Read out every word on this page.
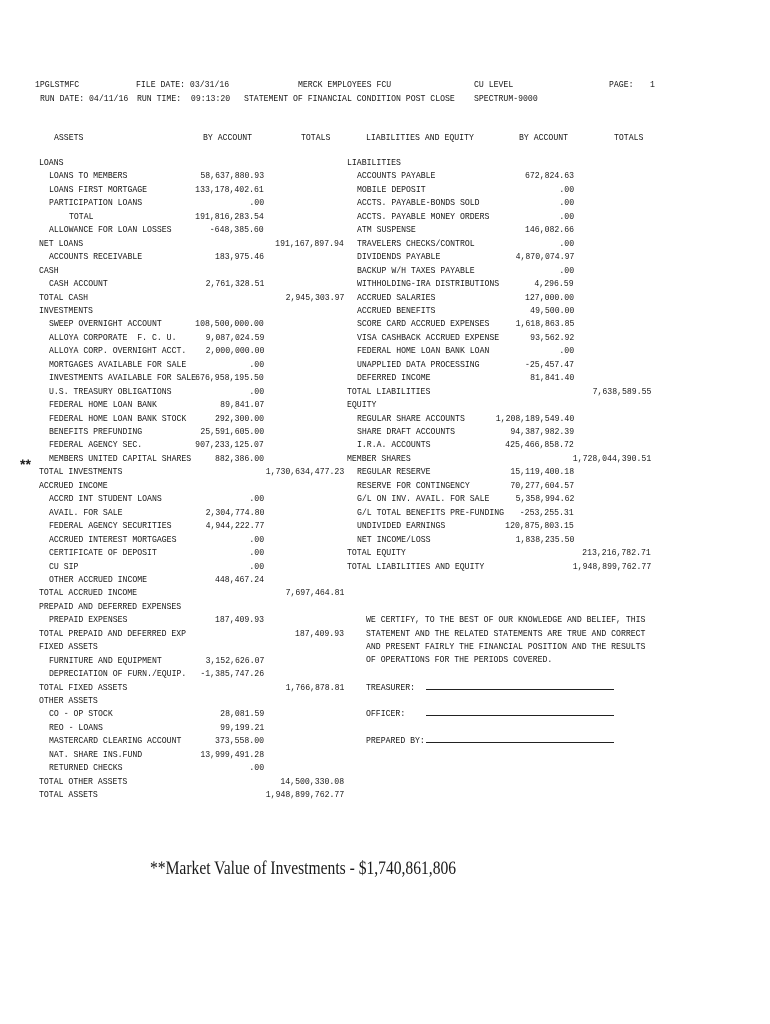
1PGLSTMFC	FILE DATE: 03/31/16	MERCK EMPLOYEES FCU	CU LEVEL	PAGE: 1
RUN DATE: 04/11/16 RUN TIME:  09:13:20 STATEMENT OF FINANCIAL CONDITION POST CLOSE SPECTRUM-9000
ASSETS	BY ACCOUNT	TOTALS	LIABILITIES AND EQUITY	BY ACCOUNT	TOTALS
LOANS
LOANS TO MEMBERS	58,637,880.93
LOANS FIRST MORTGAGE	133,178,402.61
PARTICIPATION LOANS	.00
TOTAL	191,816,283.54
ALLOWANCE FOR LOAN LOSSES	-648,385.60
NET LOANS	191,167,897.94
ACCOUNTS RECEIVABLE	183,975.46
CASH
CASH ACCOUNT	2,761,328.51
TOTAL CASH	2,945,303.97
INVESTMENTS
SWEEP OVERNIGHT ACCOUNT	108,500,000.00
ALLOYA CORPORATE  F. C. U.	9,087,024.59
ALLOYA CORP. OVERNIGHT ACCT. 2,000,000.00
MORTGAGES AVAILABLE FOR SALE	.00
INVESTMENTS AVAILABLE FOR SALE 676,958,195.50
U.S. TREASURY OBLIGATIONS	.00
FEDERAL HOME LOAN BANK	89,841.07
FEDERAL HOME LOAN BANK STOCK	292,300.00
BENEFITS PREFUNDING	25,591,605.00
FEDERAL AGENCY SEC.	907,233,125.07
MEMBERS UNITED CAPITAL SHARES	882,386.00
TOTAL INVESTMENTS	1,730,634,477.23
ACCRUED INCOME
ACCRD INT STUDENT LOANS	.00
AVAIL. FOR SALE	2,304,774.80
FEDERAL AGENCY SECURITIES	4,944,222.77
ACCRUED INTEREST MORTGAGES	.00
CERTIFICATE OF DEPOSIT	.00
CU SIP	.00
OTHER ACCRUED INCOME	448,467.24
TOTAL ACCRUED INCOME	7,697,464.81
PREPAID AND DEFERRED EXPENSES
PREPAID EXPENSES	187,409.93
TOTAL PREPAID AND DEFERRED EXP	187,409.93
FIXED ASSETS
FURNITURE AND EQUIPMENT	3,152,626.07
DEPRECIATION OF FURN./EQUIP. -1,385,747.26
TOTAL FIXED ASSETS	1,766,878.81
OTHER ASSETS
CO - OP STOCK	28,081.59
REO - LOANS	99,199.21
MASTERCARD CLEARING ACCOUNT	373,558.00
NAT. SHARE INS.FUND	13,999,491.28
RETURNED CHECKS	.00
TOTAL OTHER ASSETS	14,500,330.08
TOTAL ASSETS	1,948,899,762.77
LIABILITIES
ACCOUNTS PAYABLE	672,824.63
MOBILE DEPOSIT	.00
ACCTS. PAYABLE-BONDS SOLD	.00
ACCTS. PAYABLE MONEY ORDERS	.00
ATM SUSPENSE	146,082.66
TRAVELERS CHECKS/CONTROL	.00
DIVIDENDS PAYABLE	4,870,074.97
BACKUP W/H TAXES PAYABLE	.00
WITHHOLDING-IRA DISTRIBUTIONS	4,296.59
ACCRUED SALARIES	127,000.00
ACCRUED BENEFITS	49,500.00
SCORE CARD ACCRUED EXPENSES	1,618,863.85
VISA CASHBACK ACCRUED EXPENSE	93,562.92
FEDERAL HOME LOAN BANK LOAN	.00
UNAPPLIED DATA PROCESSING	-25,457.47
DEFERRED INCOME	81,841.40
TOTAL LIABILITIES	7,638,589.55
EQUITY
REGULAR SHARE ACCOUNTS	1,208,189,549.40
SHARE DRAFT ACCOUNTS	94,387,982.39
I.R.A. ACCOUNTS	425,466,858.72
MEMBER SHARES	1,728,044,390.51
REGULAR RESERVE	15,119,400.18
RESERVE FOR CONTINGENCY	70,277,604.57
G/L ON INV. AVAIL. FOR SALE	5,358,994.62
G/L TOTAL BENEFITS PRE-FUNDING -253,255.31
UNDIVIDED EARNINGS	120,875,803.15
NET INCOME/LOSS	1,838,235.50
TOTAL EQUITY	213,216,782.71
TOTAL LIABILITIES AND EQUITY	1,948,899,762.77
**
WE CERTIFY, TO THE BEST OF OUR KNOWLEDGE AND BELIEF, THIS
STATEMENT AND THE RELATED STATEMENTS ARE TRUE AND CORRECT
AND PRESENT FAIRLY THE FINANCIAL POSITION AND THE RESULTS
OF OPERATIONS FOR THE PERIODS COVERED.
TREASURER:
OFFICER:
PREPARED BY:
**Market Value of Investments - $1,740,861,806
